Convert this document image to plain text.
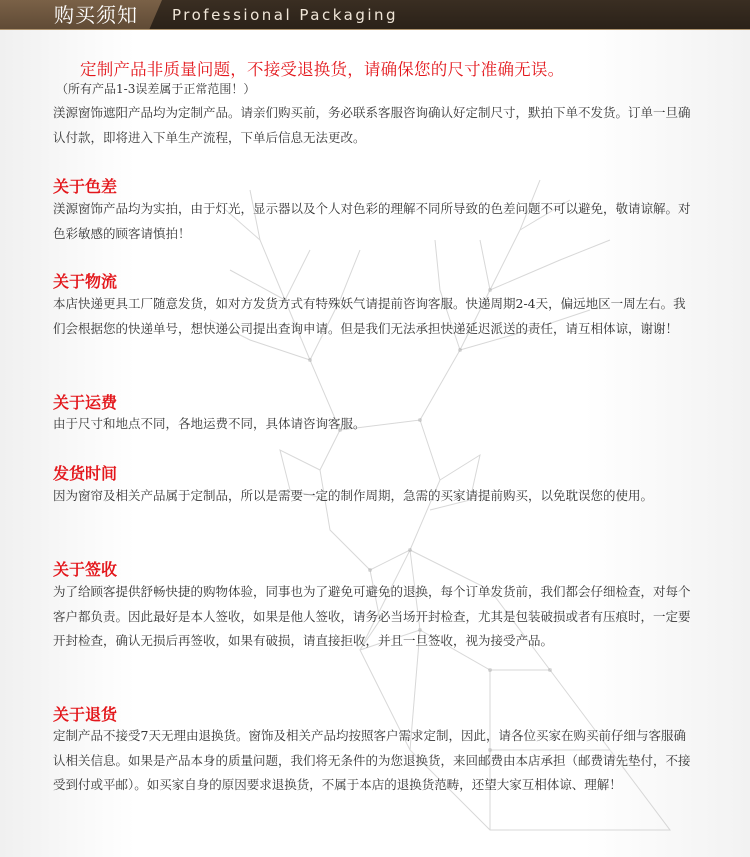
购买须知 Professional Packaging
定制产品非质量问题，不接受退换货，请确保您的尺寸准确无误。
（所有产品1-3误差属于正常范围！）

渼源窗饰遮阳产品均为定制产品。请亲们购买前，务必联系客服咨询确认好定制尺寸，默拍下单不发货。订单一旦确认付款，即将进入下单生产流程，下单后信息无法更改。

关于色差

渼源窗饰产品均为实拍，由于灯光，显示器以及个人对色彩的理解不同所导致的色差问题不可以避免，敬请谅解。对色彩敏感的顾客请慎拍！

关于物流

本店快递更具工厂随意发货，如对方发货方式有特殊妖气请提前咨询客服。快递周期2-4天，偏远地区一周左右。我们会根据您的快递单号，想快递公司提出查询申请。但是我们无法承担快递延迟派送的责任，请互相体谅，谢谢！

关于运费

由于尺寸和地点不同，各地运费不同，具体请咨询客服。

发货时间

因为窗帘及相关产品属于定制品，所以是需要一定的制作周期，急需的买家请提前购买，以免耽误您的使用。

关于签收

为了给顾客提供舒畅快捷的购物体验，同事也为了避免可避免的退换，每个订单发货前，我们都会仔细检查，对每个客户都负责。因此最好是本人签收，如果是他人签收，请务必当场开封检查，尤其是包装破损或者有压痕时，一定要开封检查，确认无损后再签收，如果有破损，请直接拒收，并且一旦签收，视为接受产品。

关于退货

定制产品不接受7天无理由退换货。窗饰及相关产品均按照客户需求定制，因此，请各位买家在购买前仔细与客服确认相关信息。如果是产品本身的质量问题，我们将无条件的为您退换货，来回邮费由本店承担（邮费请先垫付，不接受到付或平邮）。如买家自身的原因要求退换货，不属于本店的退换货范畴，还望大家互相体谅、理解！
